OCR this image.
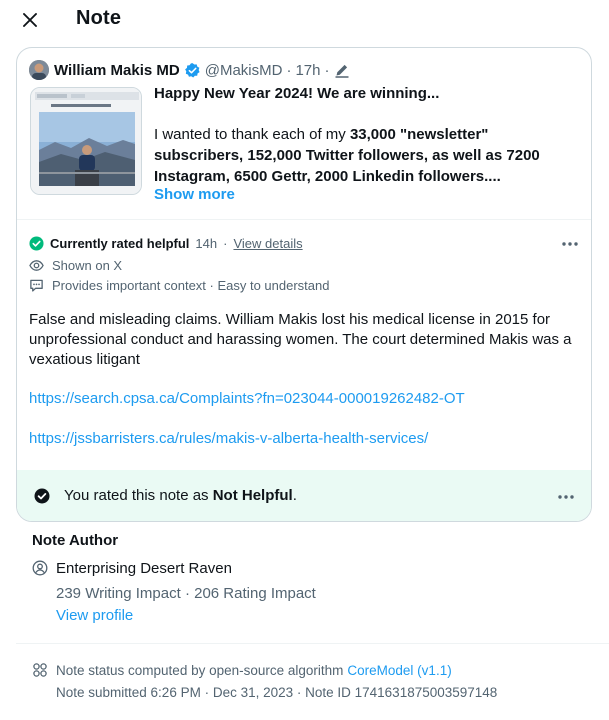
Note
William Makis MD @MakisMD · 17h ·
Happy New Year 2024! We are winning...
I wanted to thank each of my 33,000 "newsletter" subscribers, 152,000 Twitter followers, as well as 7200 Instagram, 6500 Gettr, 2000 Linkedin followers....
Show more
Currently rated helpful 14h · View details
Shown on X
Provides important context · Easy to understand
False and misleading claims. William Makis lost his medical license in 2015 for unprofessional conduct and harassing women. The court determined Makis was a vexatious litigant
https://search.cpsa.ca/Complaints?fn=023044-000019262482-OT
https://jssbarristers.ca/rules/makis-v-alberta-health-services/
You rated this note as Not Helpful.
Note Author
Enterprising Desert Raven
239 Writing Impact · 206 Rating Impact
View profile
Note status computed by open-source algorithm CoreModel (v1.1)
Note submitted 6:26 PM · Dec 31, 2023 · Note ID 1741631875003597148
